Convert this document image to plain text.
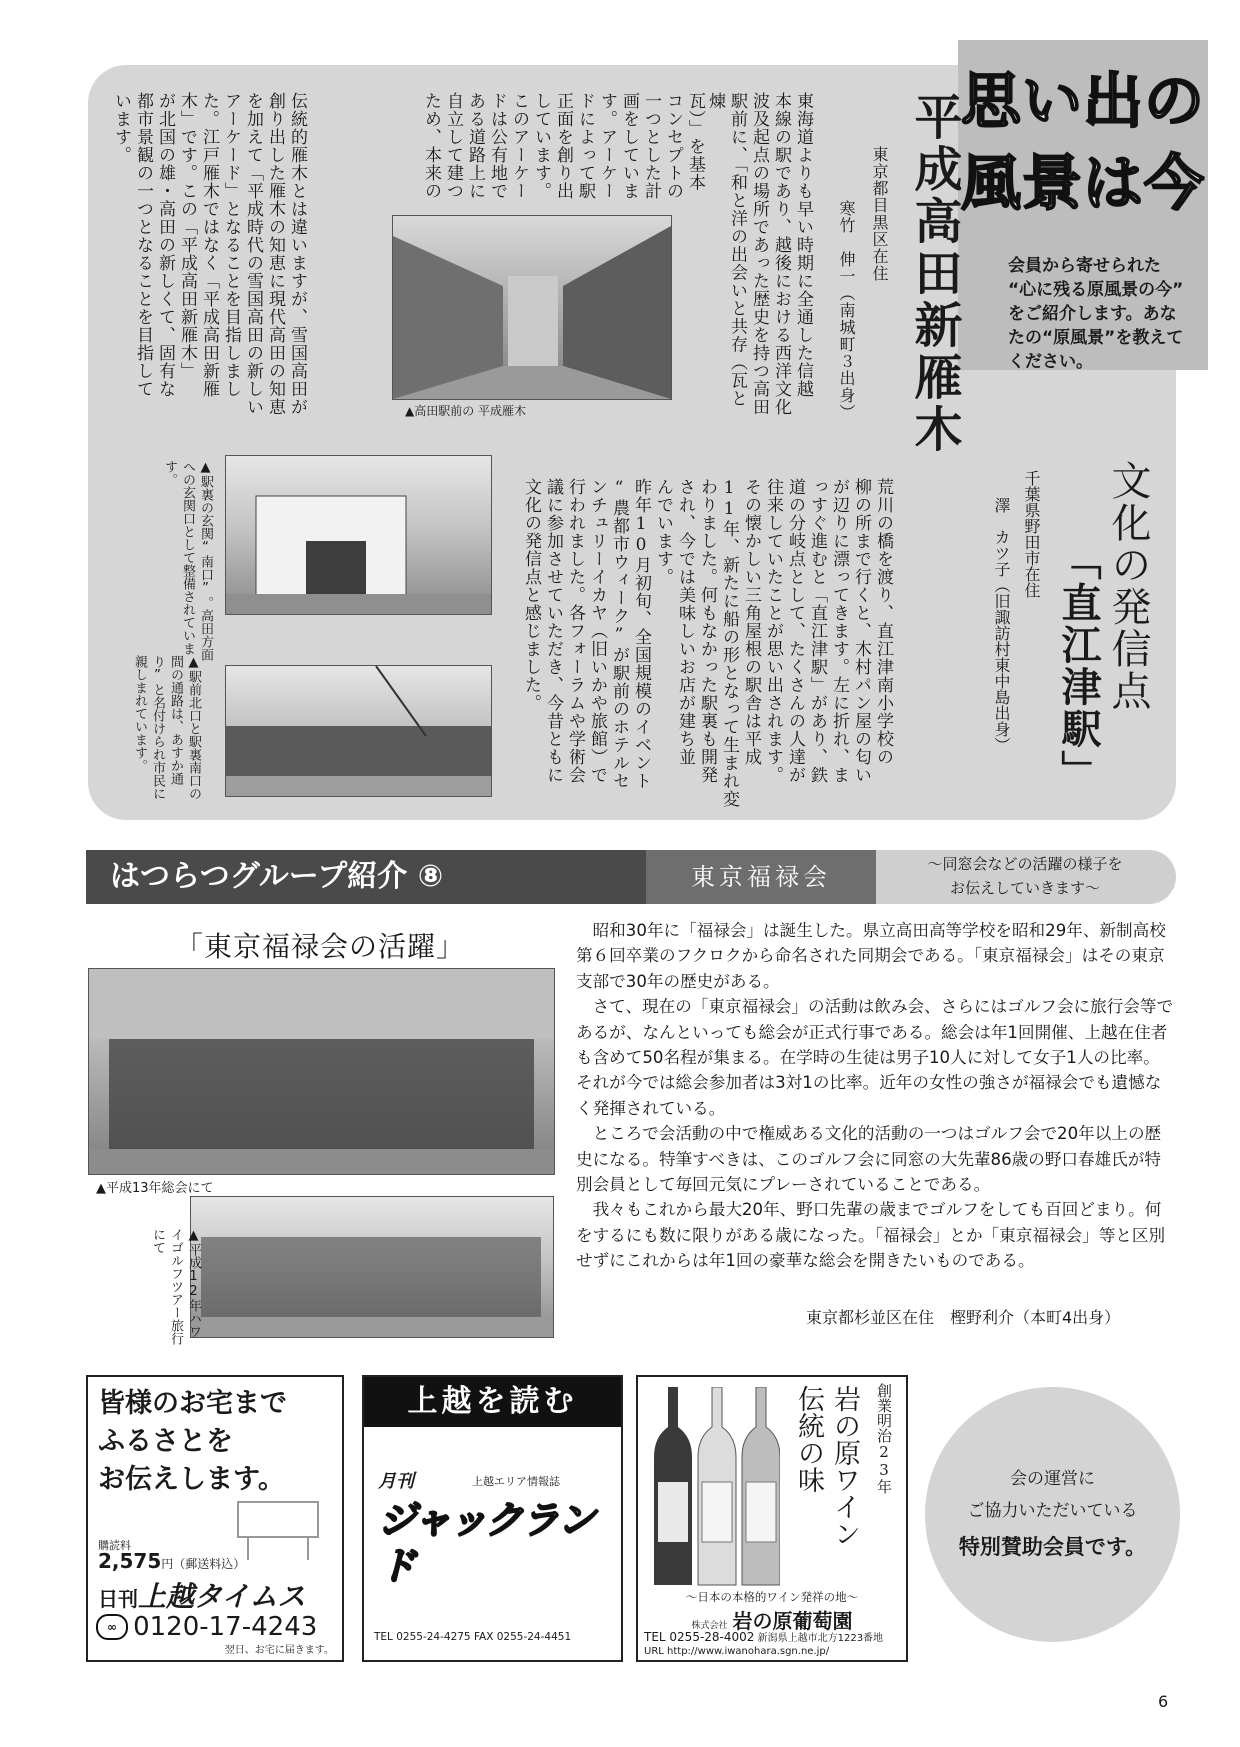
思い出の
風景は今
会員から寄せられた
“心に残る原風景の今”
をご紹介します。あな
たの“原風景”を教えて
ください。
平成高田新雁木
東京都目黒区在住
寒竹　伸一（南城町３出身）
東海道よりも早い時期に全通した信越
本線の駅であり、越後における西洋文化
波及起点の場所であった歴史を持つ高田
駅前に、「和と洋の出会いと共存（瓦と煉
瓦）」を基本
コンセプトの
一つとした計
画をしていま
す。アーケー
ドによって駅
正面を創り出
しています。
このアーケー
ドは公有地で
ある道路上に
自立して建つ
ため、本来の
伝統的雁木とは違いますが、雪国高田が
創り出した雁木の知恵に現代高田の知恵
を加えて「平成時代の雪国高田の新しい
アーケード」となることを目指しまし
た。江戸雁木ではなく「平成高田新雁
木」です。この「平成高田新雁木」
が北国の雄・高田の新しくて、固有な
都市景観の一つとなることを目指して
います。
▲高田駅前の 平成雁木
▲駅裏の玄関“南口”。高田方面への玄関口として整備されています。
▲駅前北口と駅裏南口の間の通路は、あすか通り”と名付けられ市民に親しまれています。
文化の発信点
「直江津駅」
千葉県野田市在住
澤　カツ子（旧諏訪村東中島出身）
荒川の橋を渡り、直江津南小学校の
柳の所まで行くと、木村パン屋の匂い
が辺りに漂ってきます。左に折れ、ま
っすぐ進むと「直江津駅」があり、鉄
道の分岐点として、たくさんの人達が
往来していたことが思い出されます。
その懐かしい三角屋根の駅舎は平成
11年、新たに船の形となって生まれ変
わりました。何もなかった駅裏も開発
され、今では美味しいお店が建ち並
んでいます。
昨年10月初旬、全国規模のイベント
“農都市ウィーク”が駅前のホテルセ
ンチュリーイカヤ（旧いかや旅館）で
行われました。各フォーラムや学術会
議に参加させていただき、今昔ともに
文化の発信点と感じました。
はつらつグループ紹介 ⑧	東京福禄会	～同窓会などの活躍の様子を
お伝えしていきます～
「東京福禄会の活躍」
▲平成13年総会にて
▲平成12年ハワイゴルフツアー旅行にて

昭和30年に「福禄会」は誕生した。県立高田高等学校を昭和29年、新制高校第６回卒業のフクロクから命名された同期会である。「東京福禄会」はその東京支部で30年の歴史がある。

さて、現在の「東京福禄会」の活動は飲み会、さらにはゴルフ会に旅行会等であるが、なんといっても総会が正式行事である。総会は年1回開催、上越在住者も含めて50名程が集まる。在学時の生徒は男子10人に対して女子1人の比率。それが今では総会参加者は3対1の比率。近年の女性の強さが福禄会でも遺憾なく発揮されている。

ところで会活動の中で権威ある文化的活動の一つはゴルフ会で20年以上の歴史になる。特筆すべきは、このゴルフ会に同窓の大先輩86歳の野口春雄氏が特別会員として毎回元気にプレーされていることである。

我々もこれから最大20年、野口先輩の歳までゴルフをしても百回どまり。何をするにも数に限りがある歳になった。「福禄会」とか「東京福禄会」等と区別せずにこれからは年1回の豪華な総会を開きたいものである。

東京都杉並区在住　樫野利介（本町4出身）
皆様のお宅まで
ふるさとを
お伝えします。
購読料
2,575円（郵送料込）
日刊上越タイムス
∞ 0120-17-4243
翌日、お宅に届きます。
上越を読む
上越エリア情報誌
月刊
ジャックランド
TEL 0255-24-4275 FAX 0255-24-4451
創業明治23年
岩の原ワイン
伝統の味
～日本の本格的ワイン発祥の地～
株式会社 岩の原葡萄園
TEL 0255-28-4002 新潟県上越市北方1223番地
URL http://www.iwanohara.sgn.ne.jp/
会の運営に
ご協力いただいている
特別賛助会員です。
6
